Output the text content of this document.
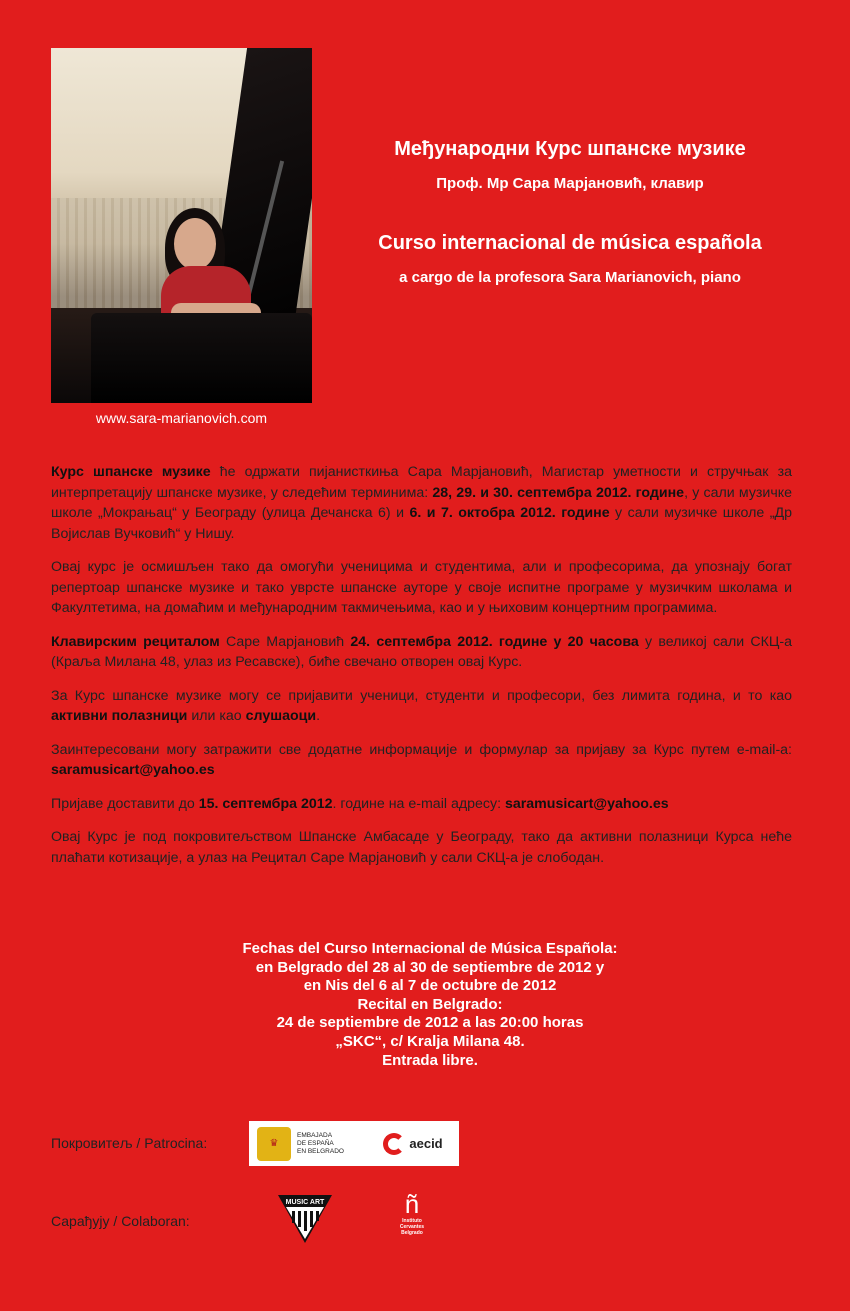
www.sara-marianovich.com

Међународни Курс шпанске музике

Проф. Мр Сара Марјановић, клавир

Curso internacional de música española

a cargo de la profesora Sara Marianovich, piano

Курс шпанске музике ће одржати пијанисткиња Сара Марјановић, Магистар уметности и стручњак за интерпретацију шпанске музике, у следећим терминима: 28, 29. и 30. септембра 2012. године, у сали музичке школе „Мокрањац“ у Београду (улица Дечанска 6) и 6. и 7. октобра 2012. године у сали музичке школе „Др Војислав Вучковић“ у Нишу.

Овај курс је осмишљен тако да омогући ученицима и студентима, али и професорима, да упознају богат репертоар шпанске музике и тако уврсте шпанске ауторе у своје испитне програме у музичким школама и Факултетима, на домаћим и међународним такмичењима, као и у њиховим концертним програмима.

Клавирским рециталом Саре Марјановић 24. септембра 2012. године у 20 часова у великој сали СКЦ-а (Краља Милана 48, улаз из Ресавске), биће свечано отворен овај Курс.

За Курс шпанске музике могу се пријавити ученици, студенти и професори, без лимита година, и то као активни полазници или као слушаоци.

Заинтересовани могу затражити све додатне информације и формулар за пријаву за Курс путем e-mail-а: saramusicart@yahoo.es

Пријаве доставити до 15. септембра 2012. године на e-mail адресу: saramusicart@yahoo.es

Овај Курс је под покровитељством Шпанске Амбасаде у Београду, тако да активни полазници Курса неће плаћати котизације, а улаз на Рецитал Саре Марјановић у сали СКЦ-а је слободан.

Fechas del Curso Internacional de Música Española:
en Belgrado del 28 al 30 de septiembre de 2012 y
en Nis del 6 al 7 de octubre de 2012
Recital en Belgrado:
24 de septiembre de 2012 a las 20:00 horas
„SKC“, c/ Kralja Milana 48.
Entrada libre.
Покровитељ / Patrocina:	♛
EMBAJADA
DE ESPAÑA
EN BELGRADO	aecid
Сарађују / Colaboran:
MUSIC ART	ñ
Instituto
Cervantes
Belgrado
